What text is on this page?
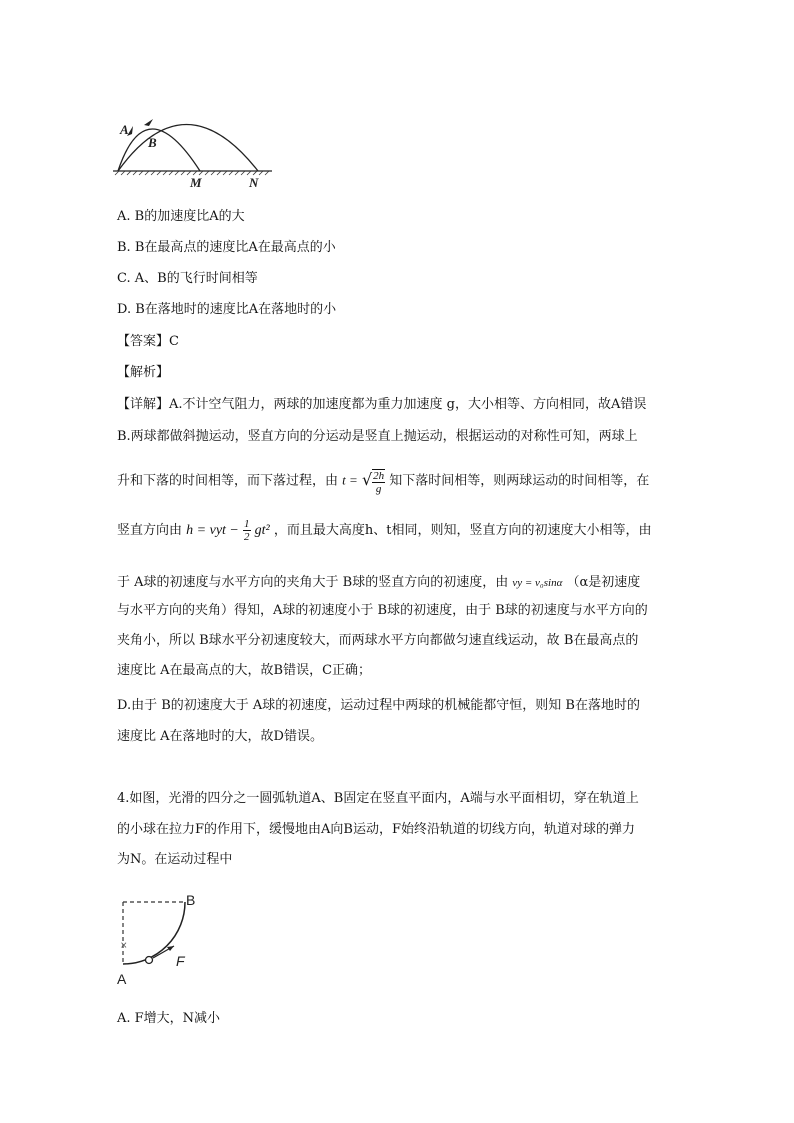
A
B
M	N
A. B的加速度比A的大
B. B在最高点的速度比A在最高点的小
C. A、B的飞行时间相等
D. B在落地时的速度比A在落地时的小
【答案】C
【解析】
【详解】A.不计空气阻力，两球的加速度都为重力加速度 g，大小相等、方向相同，故A错误
B.两球都做斜抛运动，竖直方向的分运动是竖直上抛运动，根据运动的对称性可知，两球上
升和下落的时间相等，而下落过程，由 t = √ $\frac{2h}{g}$ 知下落时间相等，则两球运动的时间相等，在
竖直方向由 h = vyt − $\frac{1}{2} gt^2$ ，而且最大高度h、t相同，则知，竖直方向的初速度大小相等，由
于 A球的初速度与水平方向的夹角大于 B球的竖直方向的初速度，由 vy = v₀sinα （α是初速度
与水平方向的夹角）得知，A球的初速度小于 B球的初速度，由于 B球的初速度与水平方向的
夹角小，所以 B球水平分初速度较大，而两球水平方向都做匀速直线运动，故 B在最高点的
速度比 A在最高点的大，故B错误，C正确；
D.由于 B的初速度大于 A球的初速度，运动过程中两球的机械能都守恒，则知 B在落地时的
速度比 A在落地时的大，故D错误。
4.如图，光滑的四分之一圆弧轨道A、B固定在竖直平面内，A端与水平面相切，穿在轨道上
的小球在拉力F的作用下，缓慢地由A向B运动，F始终沿轨道的切线方向，轨道对球的弹力
为N。在运动过程中
×
A
B
F
A. F增大，N减小
